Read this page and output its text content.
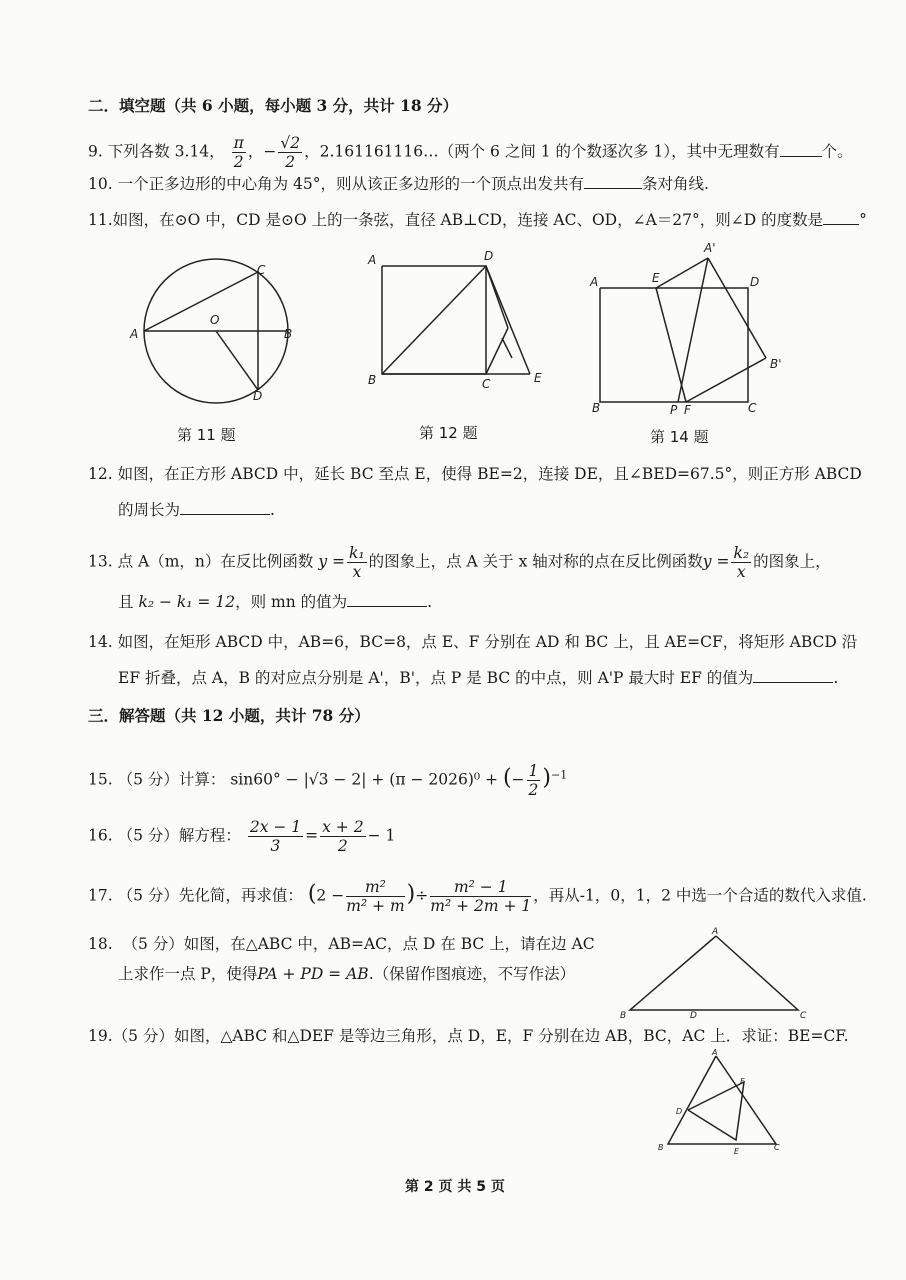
二．填空题（共 6 小题，每小题 3 分，共计 18 分）
9. 下列各数 3.14， $\frac{\pi}{2}$ ，− $\frac{√2}{2}$ ，2.161161116…（两个 6 之间 1 的个数逐次多 1），其中无理数有	个。
10. 一个正多边形的中心角为 45°，则从该正多边形的一个顶点出发共有	条对角线.
11.如图，在⊙O 中，CD 是⊙O 上的一条弦，直径 AB⊥CD，连接 AC、OD，∠A＝27°，则∠D 的度数是 °
A
O
B
C
D
第 11 题
A	D
B	C	E
第 12 题
A	E
A'
D
B'
B	P F	C
第 14 题
12. 如图，在正方形 ABCD 中，延长 BC 至点 E，使得 BE=2，连接 DE，且∠BED=67.5°，则正方形 ABCD
的周长为	.
13. 点 A（m，n）在反比例函数 $y = \frac{\text{k₁}}{x}$ 的图象上，点 A 关于 x 轴对称的点在反比例函数$y = \frac{\text{k₂}}{x}$ 的图象上，
且 k₂ − k₁ = 12，则 mn 的值为	.
14. 如图，在矩形 ABCD 中，AB=6，BC=8，点 E、F 分别在 AD 和 BC 上，且 AE=CF，将矩形 ABCD 沿
EF 折叠，点 A，B 的对应点分别是 A'，B'，点 P 是 BC 的中点，则 A'P 最大时 EF 的值为	.
三．解答题（共 12 小题，共计 78 分）
15. （5 分）计算： sin60° − |√3 − 2| + (π − 2026)⁰ + (− $\frac{1}{2} )^{-1}$
16. （5 分）解方程： $\frac{2x - 1}{3} = \frac{x + 2}{2} - 1$
17. （5 分）先化简，再求值： ($2 - \frac{\text{m²}}{\text{m² + m}}$ )÷ $\frac{\text{m² − 1}}{\text{m² + 2m + 1}}$ ，再从-1，0，1，2 中选一个合适的数代入求值.
18. （5 分）如图，在△ABC 中，AB=AC，点 D 在 BC 上，请在边 AC
上求作一点 P，使得PA + PD = AB.（保留作图痕迹，不写作法）
A
B	D	C
19.（5 分）如图，△ABC 和△DEF 是等边三角形，点 D，E，F 分别在边 AB，BC，AC 上．求证：BE=CF.
A
F
D
B	E	C
第 2 页 共 5 页
